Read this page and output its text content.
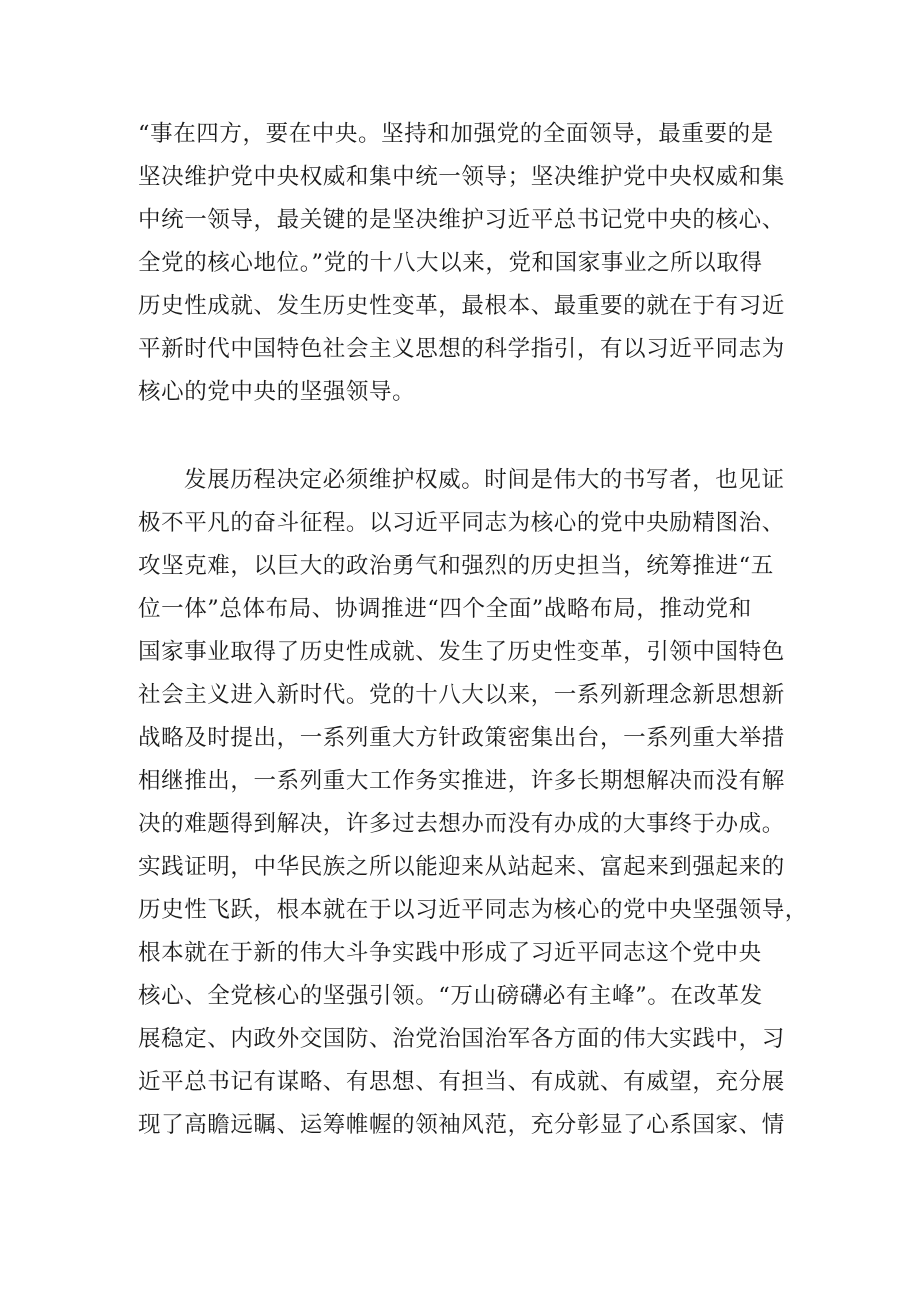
“事在四方，要在中央。坚持和加强党的全面领导，最重要的是
坚决维护党中央权威和集中统一领导；坚决维护党中央权威和集
中统一领导，最关键的是坚决维护习近平总书记党中央的核心、
全党的核心地位。”党的十八大以来，党和国家事业之所以取得
历史性成就、发生历史性变革，最根本、最重要的就在于有习近
平新时代中国特色社会主义思想的科学指引，有以习近平同志为
核心的党中央的坚强领导。
发展历程决定必须维护权威。时间是伟大的书写者，也见证
极不平凡的奋斗征程。以习近平同志为核心的党中央励精图治、
攻坚克难，以巨大的政治勇气和强烈的历史担当，统筹推进“五
位一体”总体布局、协调推进“四个全面”战略布局，推动党和
国家事业取得了历史性成就、发生了历史性变革，引领中国特色
社会主义进入新时代。党的十八大以来，一系列新理念新思想新
战略及时提出，一系列重大方针政策密集出台，一系列重大举措
相继推出，一系列重大工作务实推进，许多长期想解决而没有解
决的难题得到解决，许多过去想办而没有办成的大事终于办成。
实践证明，中华民族之所以能迎来从站起来、富起来到强起来的
历史性飞跃，根本就在于以习近平同志为核心的党中央坚强领导，
根本就在于新的伟大斗争实践中形成了习近平同志这个党中央
核心、全党核心的坚强引领。“万山磅礴必有主峰”。在改革发
展稳定、内政外交国防、治党治国治军各方面的伟大实践中，习
近平总书记有谋略、有思想、有担当、有成就、有威望，充分展
现了高瞻远瞩、运筹帷幄的领袖风范，充分彰显了心系国家、情
